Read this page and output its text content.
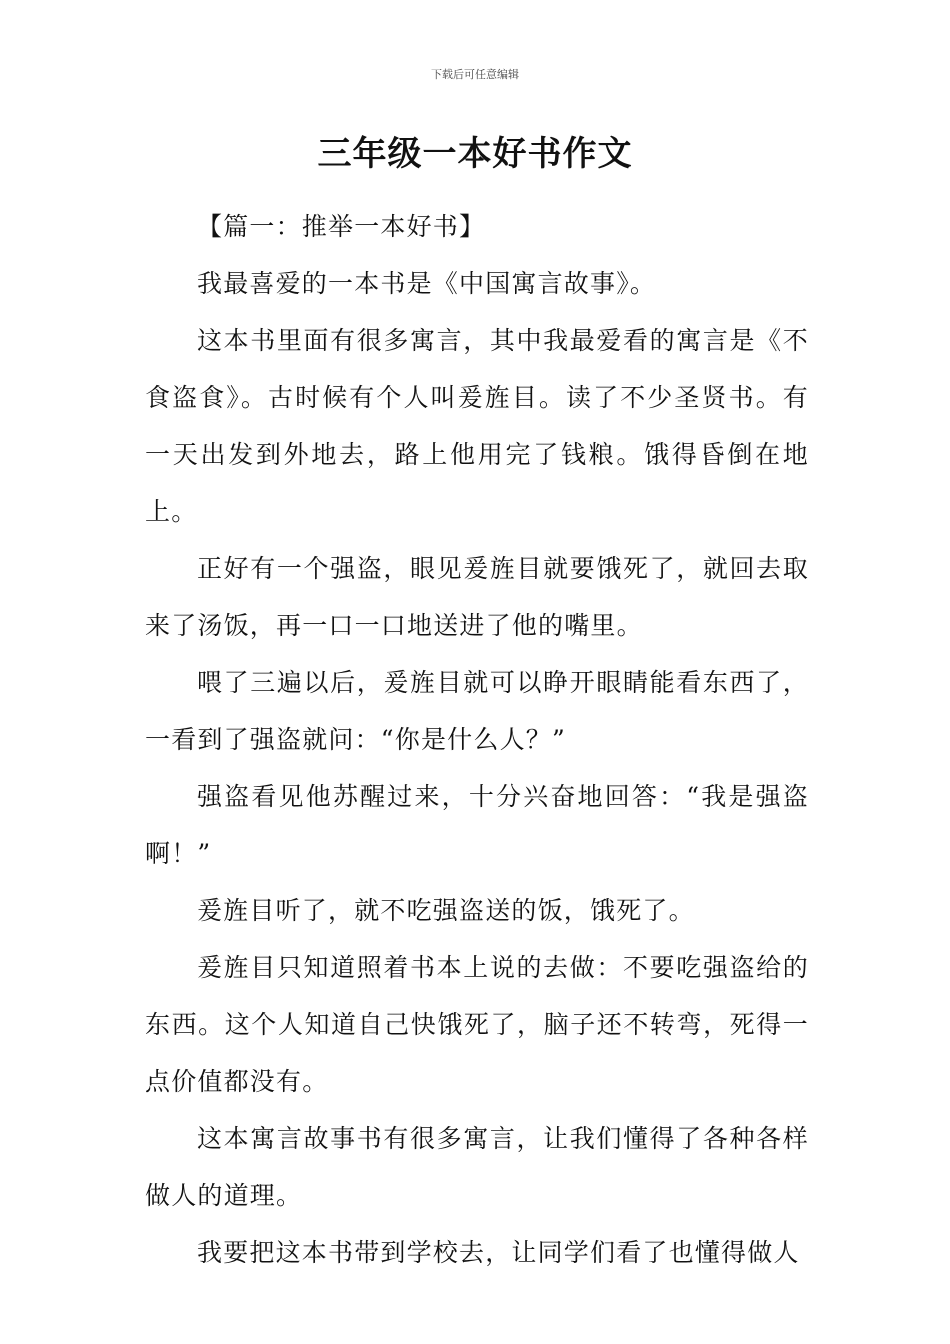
下载后可任意编辑
三年级一本好书作文

【篇一：推举一本好书】

我最喜爱的一本书是《中国寓言故事》。

这本书里面有很多寓言，其中我最爱看的寓言是《不食盗食》。古时候有个人叫爰旌目。读了不少圣贤书。有一天出发到外地去，路上他用完了钱粮。饿得昏倒在地上。

正好有一个强盗，眼见爰旌目就要饿死了，就回去取来了汤饭，再一口一口地送进了他的嘴里。

喂了三遍以后，爰旌目就可以睁开眼睛能看东西了，一看到了强盗就问：“你是什么人？”

强盗看见他苏醒过来，十分兴奋地回答：“我是强盗啊！”

爰旌目听了，就不吃强盗送的饭，饿死了。

爰旌目只知道照着书本上说的去做：不要吃强盗给的东西。这个人知道自己快饿死了，脑子还不转弯，死得一点价值都没有。

这本寓言故事书有很多寓言，让我们懂得了各种各样做人的道理。

我要把这本书带到学校去，让同学们看了也懂得做人
